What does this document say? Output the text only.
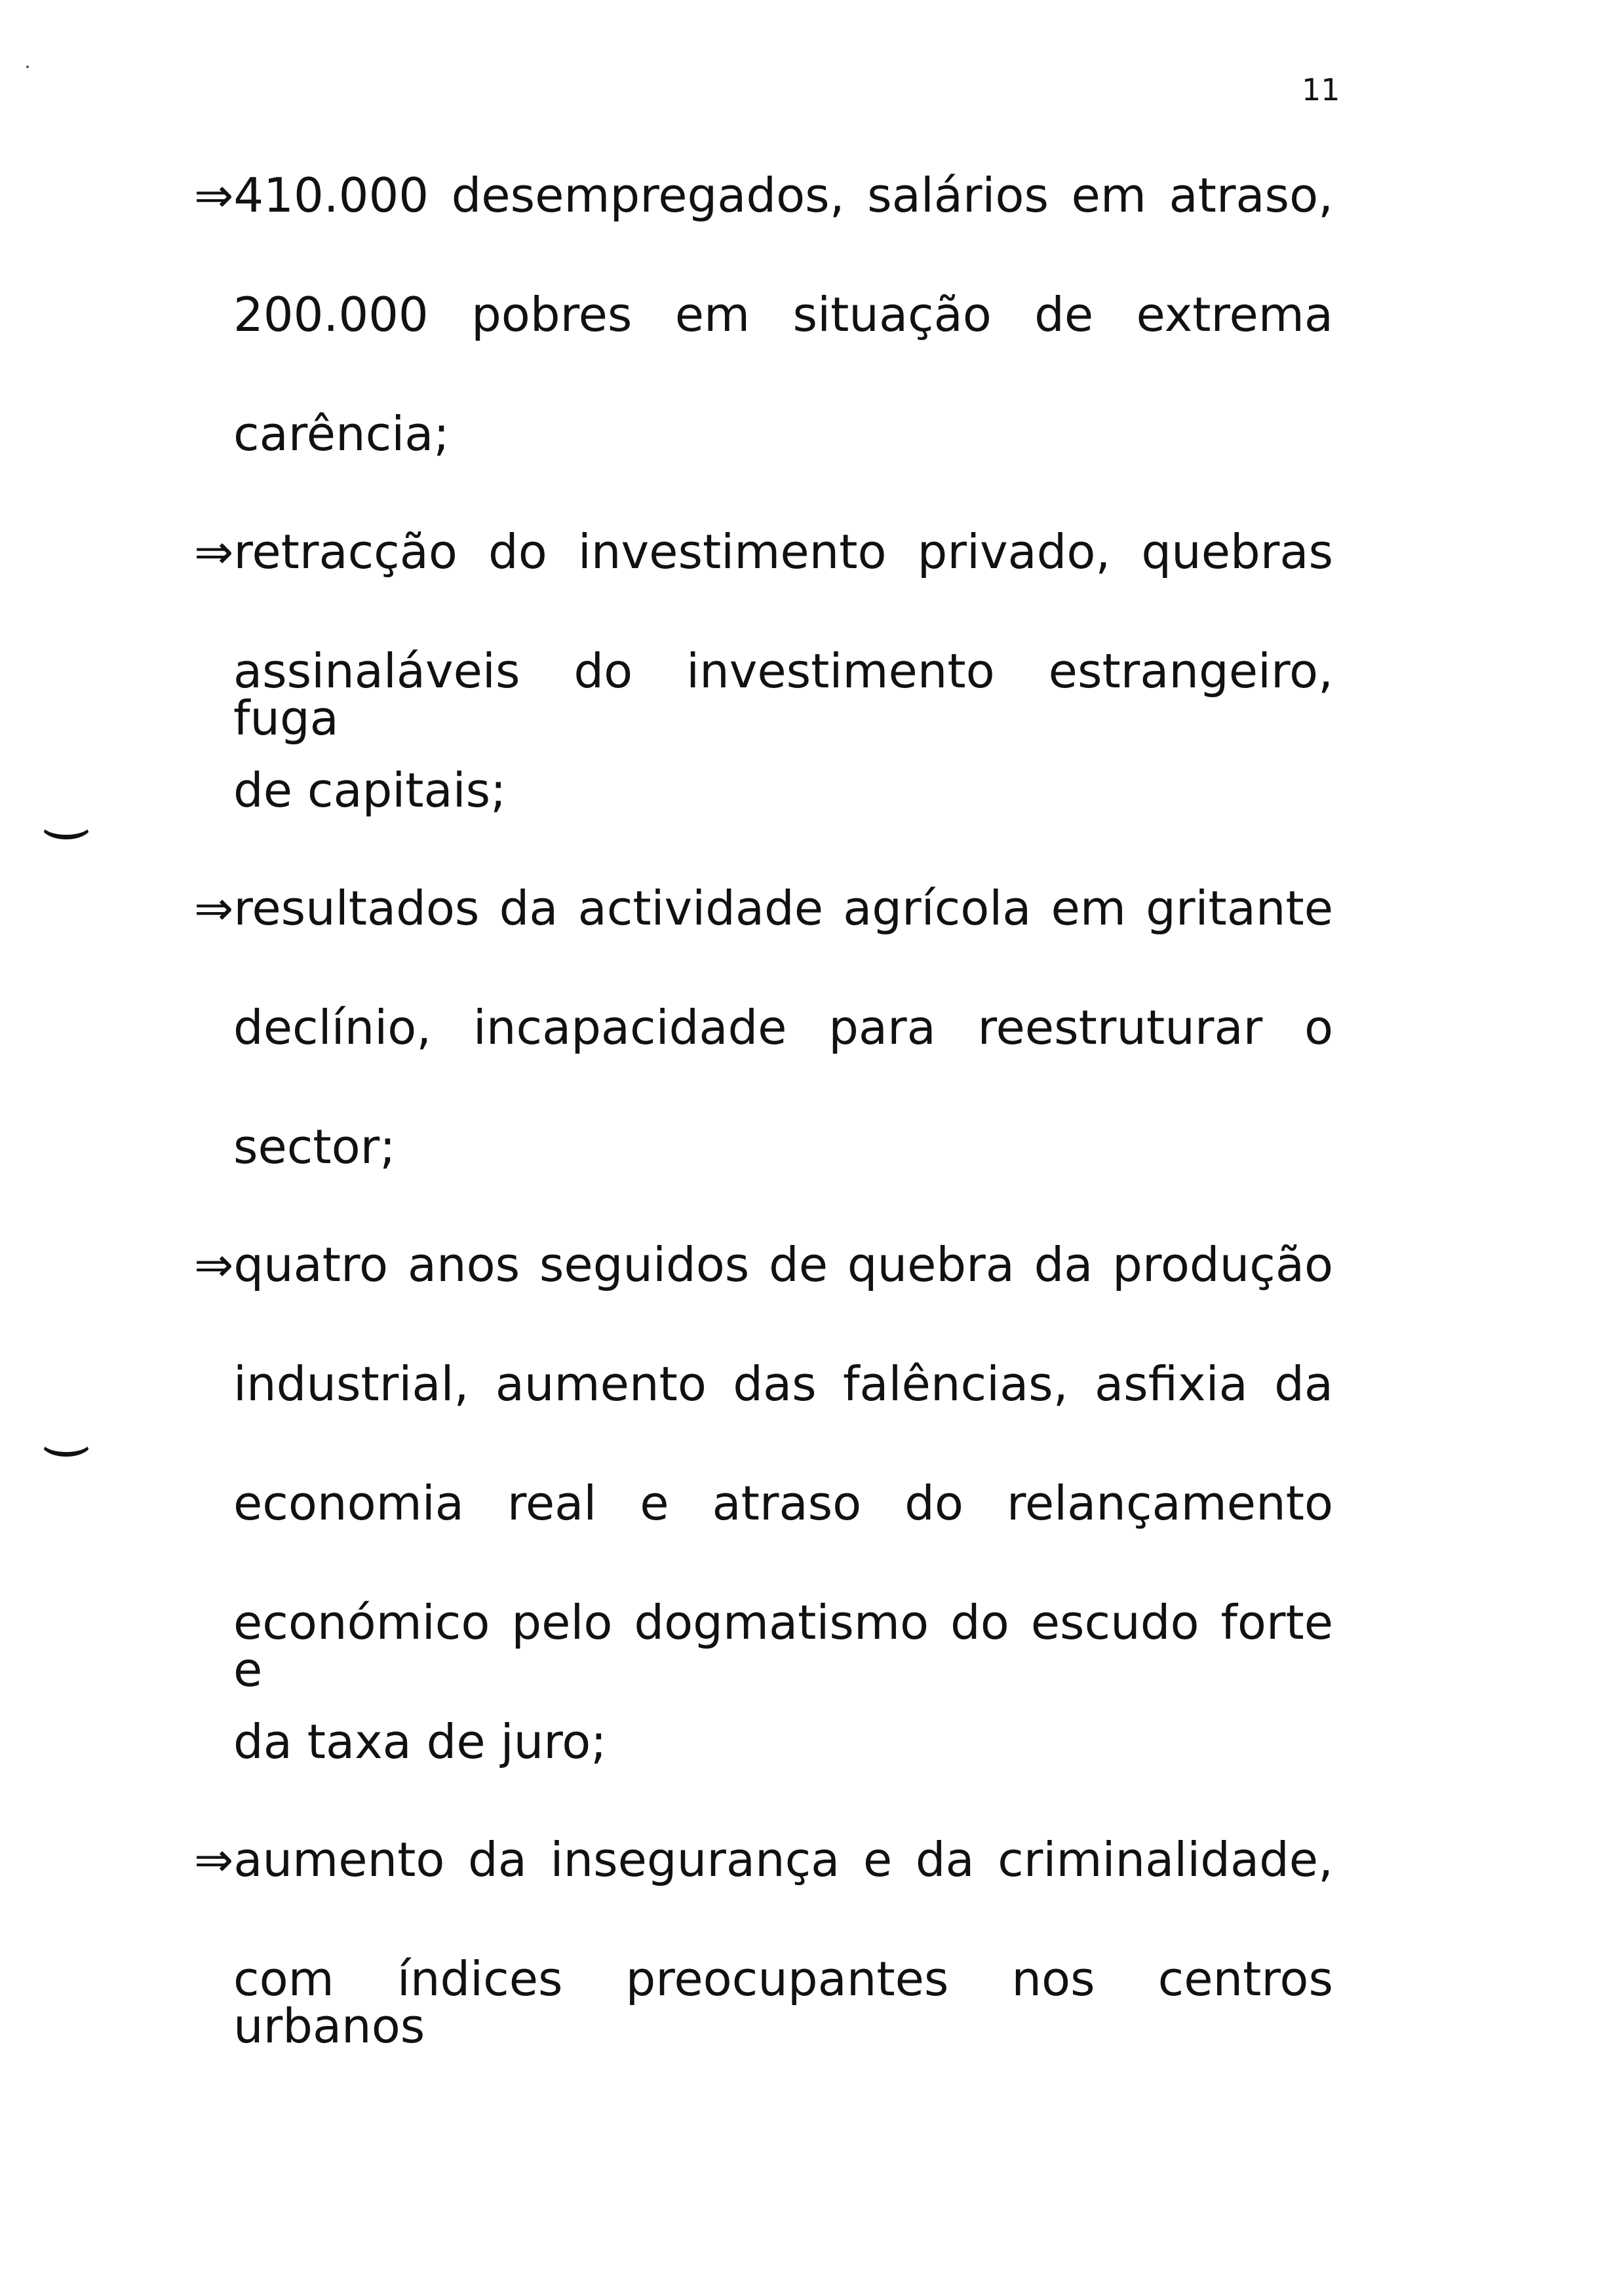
11
⇒410.000 desempregados, salários em atraso,
200.000 pobres em situação de extrema
carência;
⇒retracção do investimento privado, quebras
assinaláveis do investimento estrangeiro, fuga
de capitais;
⇒resultados da actividade agrícola em gritante
declínio, incapacidade para reestruturar o
sector;
⇒quatro anos seguidos de quebra da produção
industrial, aumento das falências, asfixia da
economia real e atraso do relançamento
económico pelo dogmatismo do escudo forte e
da taxa de juro;
⇒aumento da insegurança e da criminalidade,
com índices preocupantes nos centros urbanos
